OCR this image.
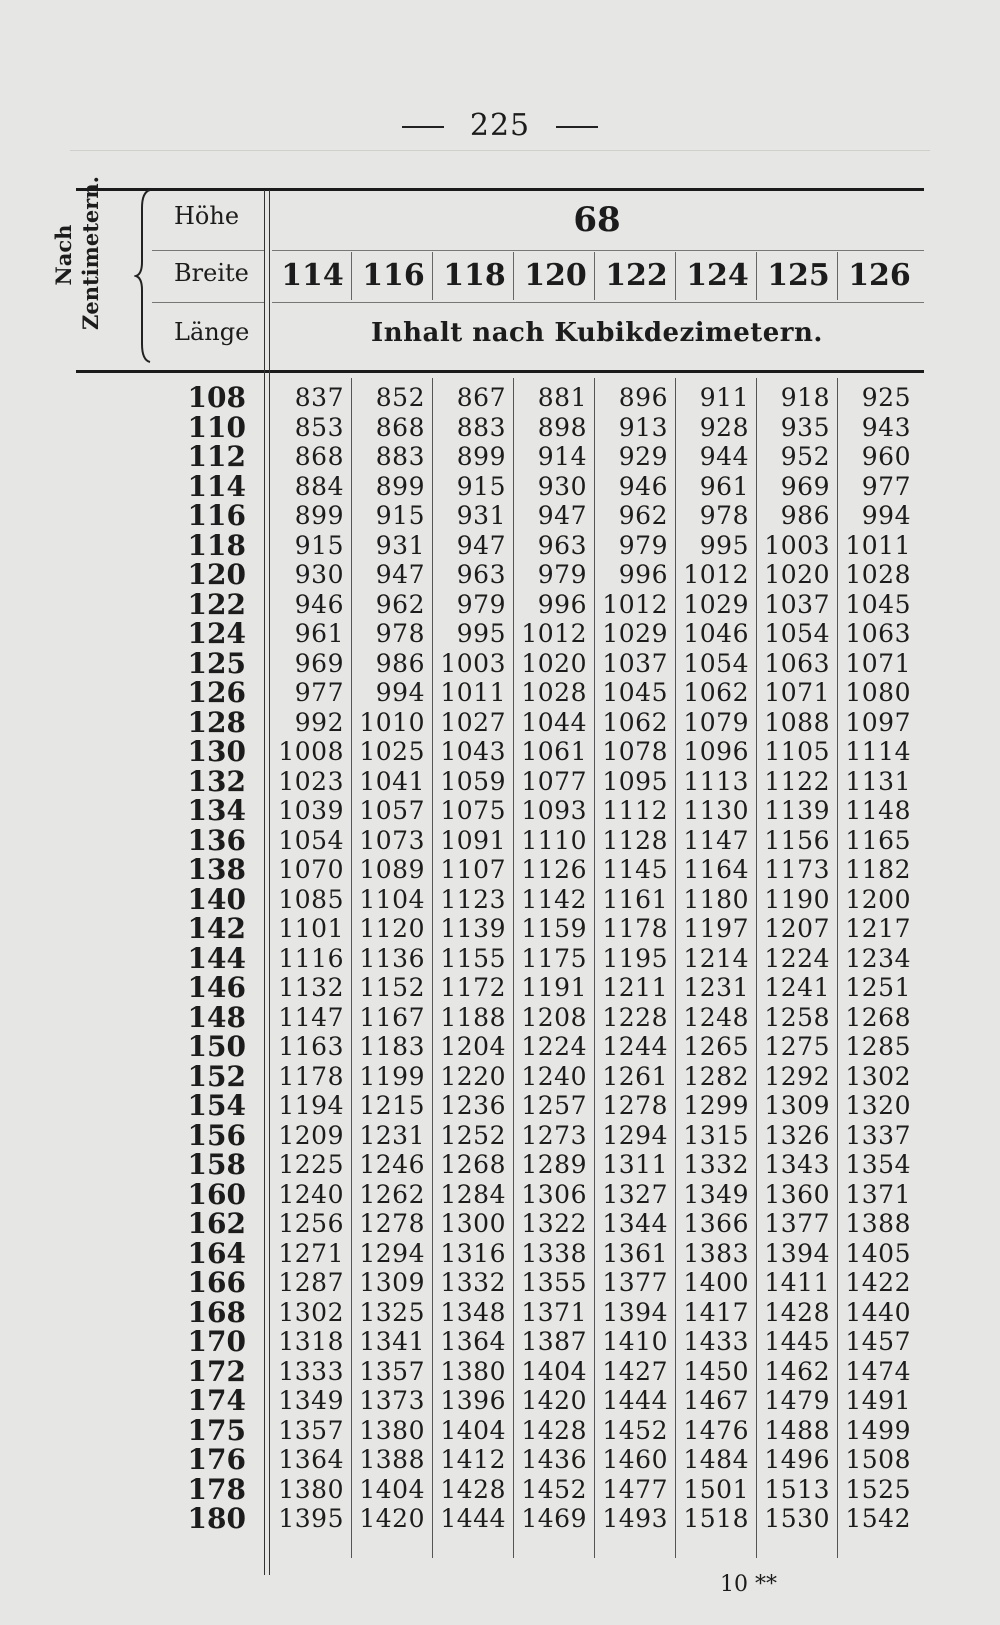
225
Nach Zentimetern.	Höhe
Breite
Länge
68
114 116 118 120 122 124 125 126
Inhalt nach Kubikdezimetern.
108	837	852	867	881	896	911	918	925
110	853	868	883	898	913	928	935	943
112	868	883	899	914	929	944	952	960
114	884	899	915	930	946	961	969	977
116	899	915	931	947	962	978	986	994
118	915	931	947	963	979	995 1003 1011
120	930	947	963	979	996 1012 1020 1028
122	946	962	979	996 1012 1029 1037 1045
124	961	978	995 1012 1029 1046 1054 1063
125	969	986 1003 1020 1037 1054 1063 1071
126	977	994 1011 1028 1045 1062 1071 1080
128	992 1010 1027 1044 1062 1079 1088 1097
130	1008 1025 1043 1061 1078 1096 1105 1114
132	1023 1041 1059 1077 1095 1113 1122 1131
134	1039 1057 1075 1093 1112 1130 1139 1148
136	1054 1073 1091 1110 1128 1147 1156 1165
138	1070 1089 1107 1126 1145 1164 1173 1182
140	1085 1104 1123 1142 1161 1180 1190 1200
142	1101 1120 1139 1159 1178 1197 1207 1217
144	1116 1136 1155 1175 1195 1214 1224 1234
146	1132 1152 1172 1191 1211 1231 1241 1251
148	1147 1167 1188 1208 1228 1248 1258 1268
150	1163 1183 1204 1224 1244 1265 1275 1285
152	1178 1199 1220 1240 1261 1282 1292 1302
154	1194 1215 1236 1257 1278 1299 1309 1320
156	1209 1231 1252 1273 1294 1315 1326 1337
158	1225 1246 1268 1289 1311 1332 1343 1354
160	1240 1262 1284 1306 1327 1349 1360 1371
162	1256 1278 1300 1322 1344 1366 1377 1388
164	1271 1294 1316 1338 1361 1383 1394 1405
166	1287 1309 1332 1355 1377 1400 1411 1422
168	1302 1325 1348 1371 1394 1417 1428 1440
170	1318 1341 1364 1387 1410 1433 1445 1457
172	1333 1357 1380 1404 1427 1450 1462 1474
174	1349 1373 1396 1420 1444 1467 1479 1491
175	1357 1380 1404 1428 1452 1476 1488 1499
176	1364 1388 1412 1436 1460 1484 1496 1508
178	1380 1404 1428 1452 1477 1501 1513 1525
180	1395 1420 1444 1469 1493 1518 1530 1542
10 **
